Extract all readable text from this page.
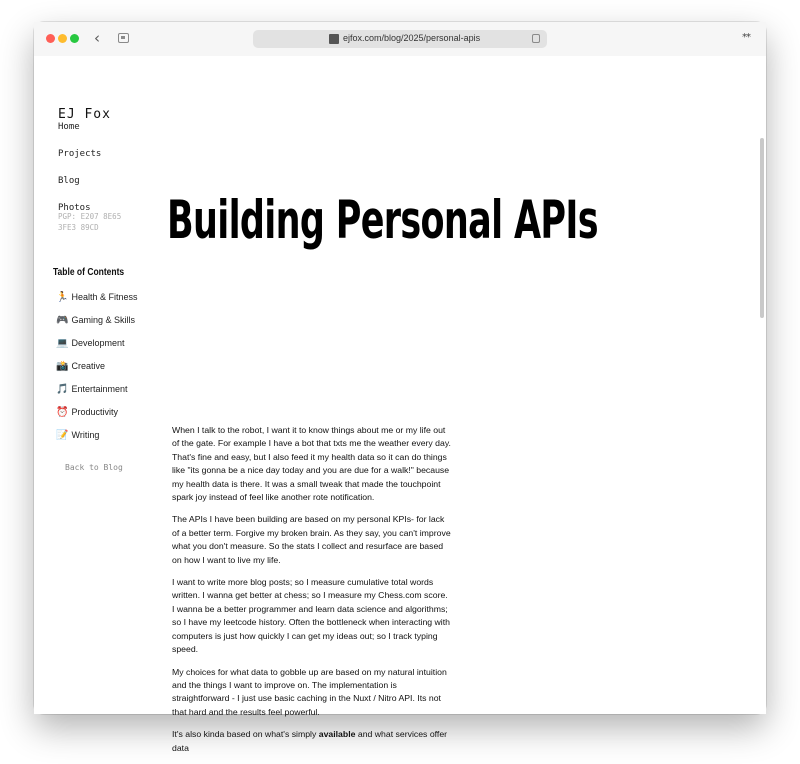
‹	ejfox.com/blog/2025/personal-apis	**
EJ Fox
Home
Projects
Blog
Photos
PGP: E207 8E65 3FE3 89CD
Table of Contents
🏃 Health & Fitness
🎮 Gaming & Skills
💻 Development
📸 Creative
🎵 Entertainment
⏰ Productivity
📝 Writing
Back to Blog
Building Personal APIs

When I talk to the robot, I want it to know things about me or my life out of the gate. For example I have a bot that txts me the weather every day. That's fine and easy, but I also feed it my health data so it can do things like "its gonna be a nice day today and you are due for a walk!" because my health data is there. It was a small tweak that made the touchpoint spark joy instead of feel like another rote notification.

The APIs I have been building are based on my personal KPIs- for lack of a better term. Forgive my broken brain. As they say, you can't improve what you don't measure. So the stats I collect and resurface are based on how I want to live my life.

I want to write more blog posts; so I measure cumulative total words written. I wanna get better at chess; so I measure my Chess.com score. I wanna be a better programmer and learn data science and algorithms; so I have my leetcode history. Often the bottleneck when interacting with computers is just how quickly I can get my ideas out; so I track typing speed.

My choices for what data to gobble up are based on my natural intuition and the things I want to improve on. The implementation is straightforward - I just use basic caching in the Nuxt / Nitro API. Its not that hard and the results feel powerful.

It's also kinda based on what's simply available and what services offer data
